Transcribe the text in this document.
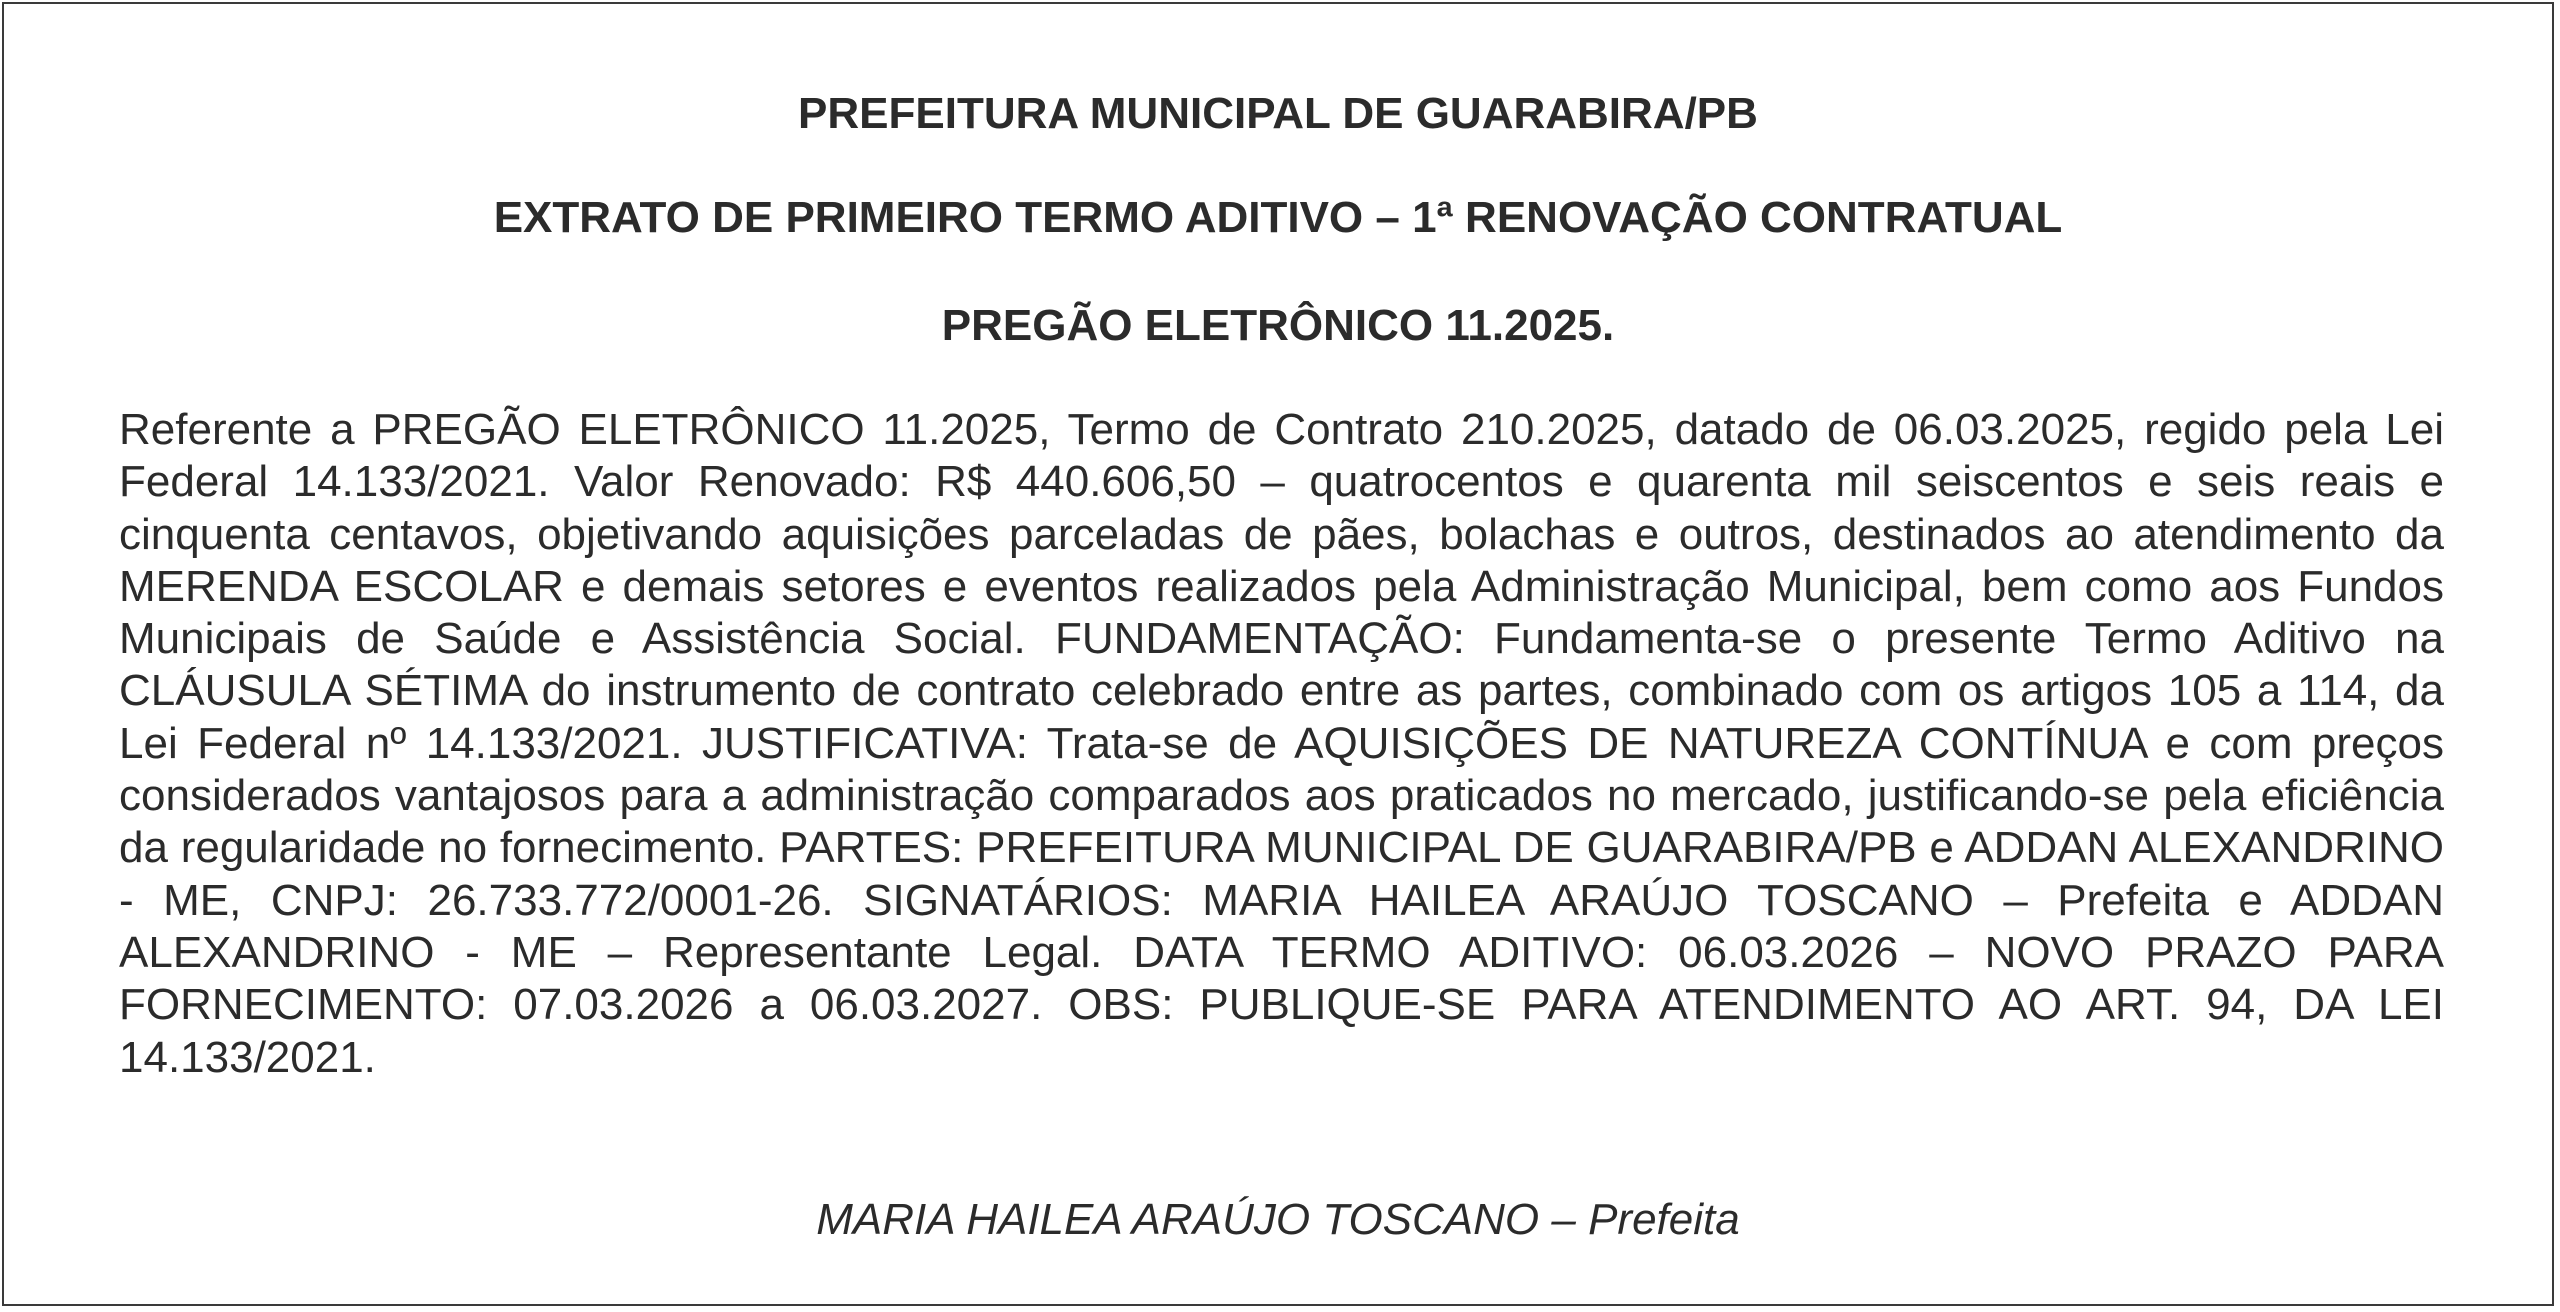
PREFEITURA MUNICIPAL DE GUARABIRA/PB

EXTRATO DE PRIMEIRO TERMO ADITIVO – 1ª RENOVAÇÃO CONTRATUAL

PREGÃO ELETRÔNICO 11.2025.

Referente a PREGÃO ELETRÔNICO 11.2025, Termo de Contrato 210.2025, datado de 06.03.2025, regido pela Lei Federal 14.133/2021. Valor Renovado: R$ 440.606,50 – quatrocentos e quarenta mil seiscentos e seis reais e cinquenta centavos, objetivando aquisições parceladas de pães, bolachas e outros, destinados ao atendimento da MERENDA ESCOLAR e demais setores e eventos realizados pela Administração Municipal, bem como aos Fundos Municipais de Saúde e Assistência Social. FUNDAMENTAÇÃO: Fundamenta-se o presente Termo Aditivo na CLÁUSULA SÉTIMA do instrumento de contrato celebrado entre as partes, combinado com os artigos 105 a 114, da Lei Federal nº 14.133/2021. JUSTIFICATIVA: Trata-se de AQUISIÇÕES DE NATUREZA CONTÍNUA e com preços considerados vantajosos para a administração comparados aos praticados no mercado, justificando-se pela eficiência da regularidade no fornecimento. PARTES: PREFEITURA MUNICIPAL DE GUARABIRA/PB e ADDAN ALEXANDRINO - ME, CNPJ: 26.733.772/0001-26. SIGNATÁRIOS: MARIA HAILEA ARAÚJO TOSCANO – Prefeita e ADDAN ALEXANDRINO - ME – Representante Legal. DATA TERMO ADITIVO: 06.03.2026 – NOVO PRAZO PARA FORNECIMENTO: 07.03.2026 a 06.03.2027. OBS: PUBLIQUE-SE PARA ATENDIMENTO AO ART. 94, DA LEI 14.133/2021.

MARIA HAILEA ARAÚJO TOSCANO – Prefeita
